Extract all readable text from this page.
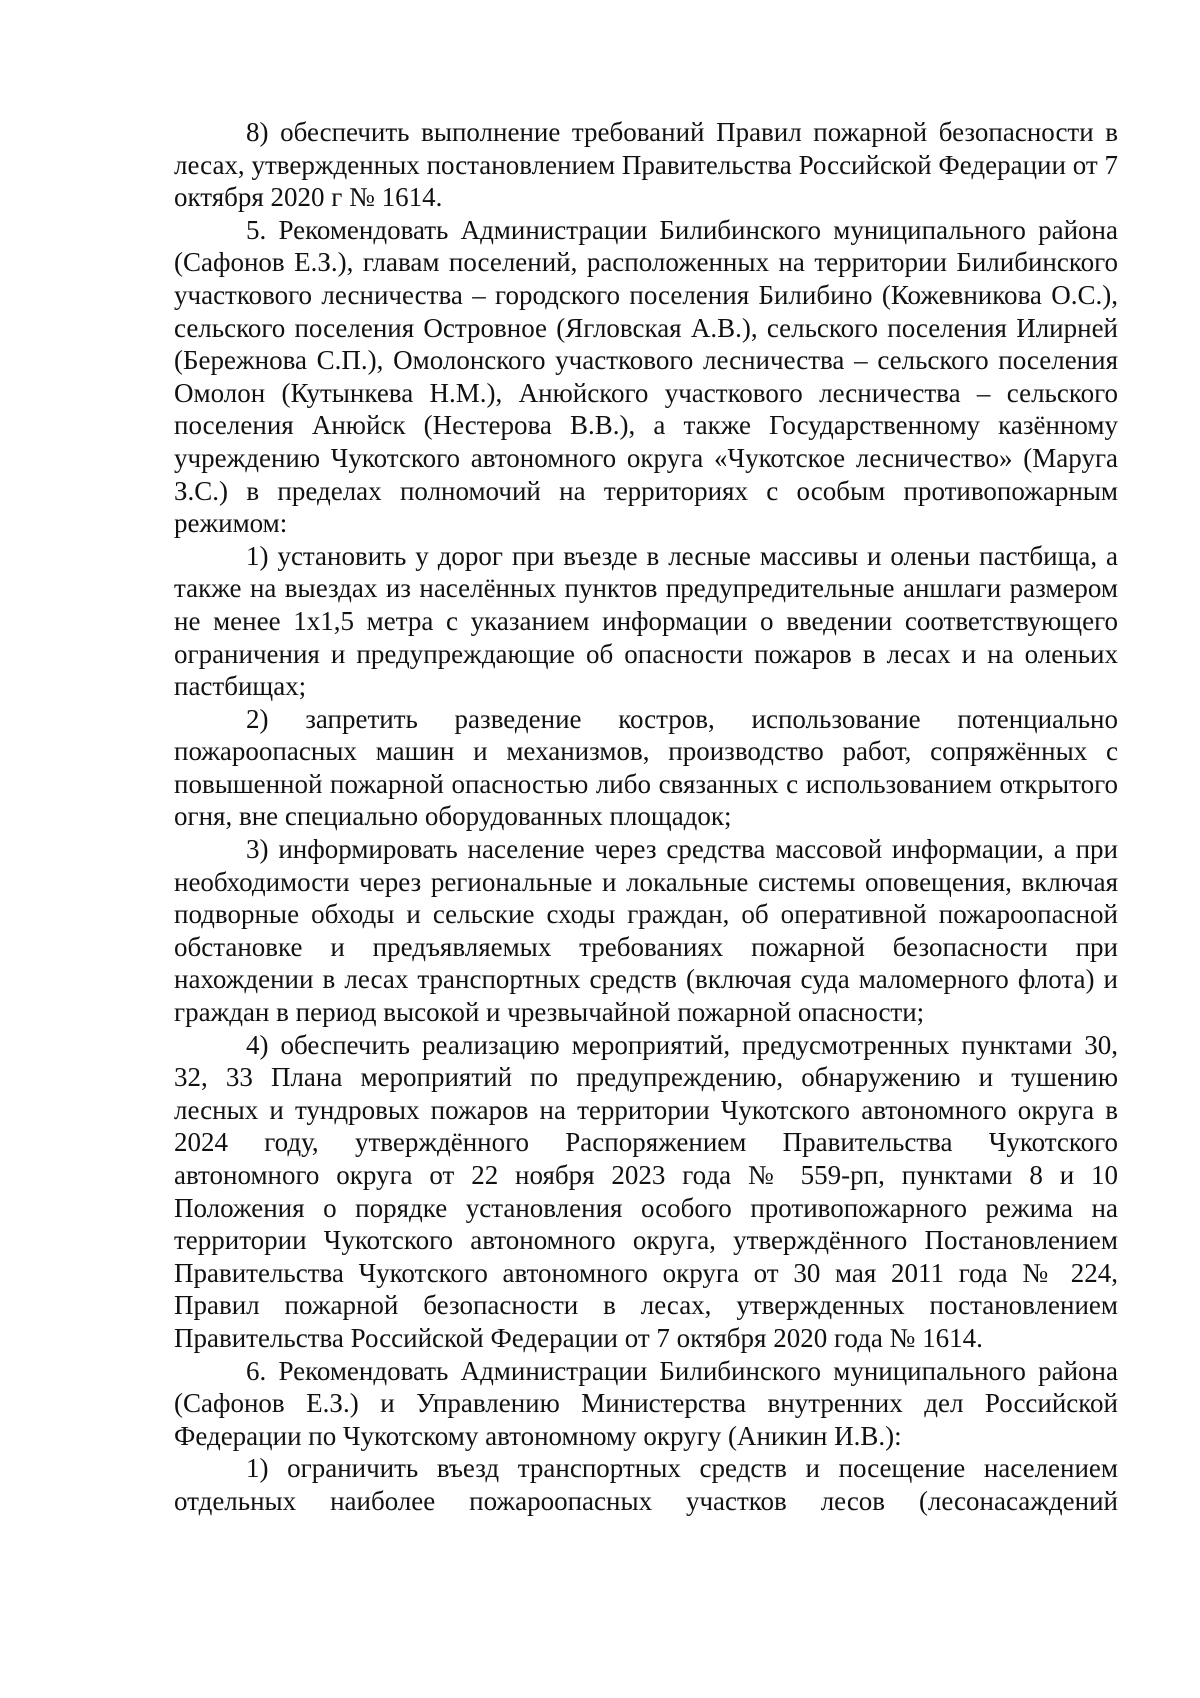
8) обеспечить выполнение требований Правил пожарной безопасности в лесах, утвержденных постановлением Правительства Российской Федерации от 7 октября 2020 г № 1614.

5. Рекомендовать Администрации Билибинского муниципального района (Сафонов Е.З.), главам поселений, расположенных на территории Билибинского участкового лесничества – городского поселения Билибино (Кожевникова О.С.), сельского поселения Островное (Ягловская А.В.), сельского поселения Илирней (Бережнова С.П.), Омолонского участкового лесничества – сельского поселения Омолон (Кутынкева Н.М.), Анюйского участкового лесничества – сельского поселения Анюйск (Нестерова В.В.), а также Государственному казённому учреждению Чукотского автономного округа «Чукотское лесничество» (Маруга З.С.) в пределах полномочий на территориях с особым противопожарным режимом:

1) установить у дорог при въезде в лесные массивы и оленьи пастбища, а также на выездах из населённых пунктов предупредительные аншлаги размером не менее 1х1,5 метра с указанием информации о введении соответствующего ограничения и предупреждающие об опасности пожаров в лесах и на оленьих пастбищах;

2) запретить разведение костров, использование потенциально пожароопасных машин и механизмов, производство работ, сопряжённых с повышенной пожарной опасностью либо связанных с использованием открытого огня, вне специально оборудованных площадок;

3) информировать население через средства массовой информации, а при необходимости через региональные и локальные системы оповещения, включая подворные обходы и сельские сходы граждан, об оперативной пожароопасной обстановке и предъявляемых требованиях пожарной безопасности при нахождении в лесах транспортных средств (включая суда маломерного флота) и граждан в период высокой и чрезвычайной пожарной опасности;

4) обеспечить реализацию мероприятий, предусмотренных пунктами 30, 32, 33 Плана мероприятий по предупреждению, обнаружению и тушению лесных и тундровых пожаров на территории Чукотского автономного округа в 2024 году, утверждённого Распоряжением Правительства Чукотского автономного округа от 22 ноября 2023 года № 559-рп, пунктами 8 и 10 Положения о порядке установления особого противопожарного режима на территории Чукотского автономного округа, утверждённого Постановлением Правительства Чукотского автономного округа от 30 мая 2011 года № 224, Правил пожарной безопасности в лесах, утвержденных постановлением Правительства Российской Федерации от 7 октября 2020 года № 1614.

6. Рекомендовать Администрации Билибинского муниципального района (Сафонов Е.З.) и Управлению Министерства внутренних дел Российской Федерации по Чукотскому автономному округу (Аникин И.В.):

1) ограничить въезд транспортных средств и посещение населением отдельных наиболее пожароопасных участков лесов (лесонасаждений
